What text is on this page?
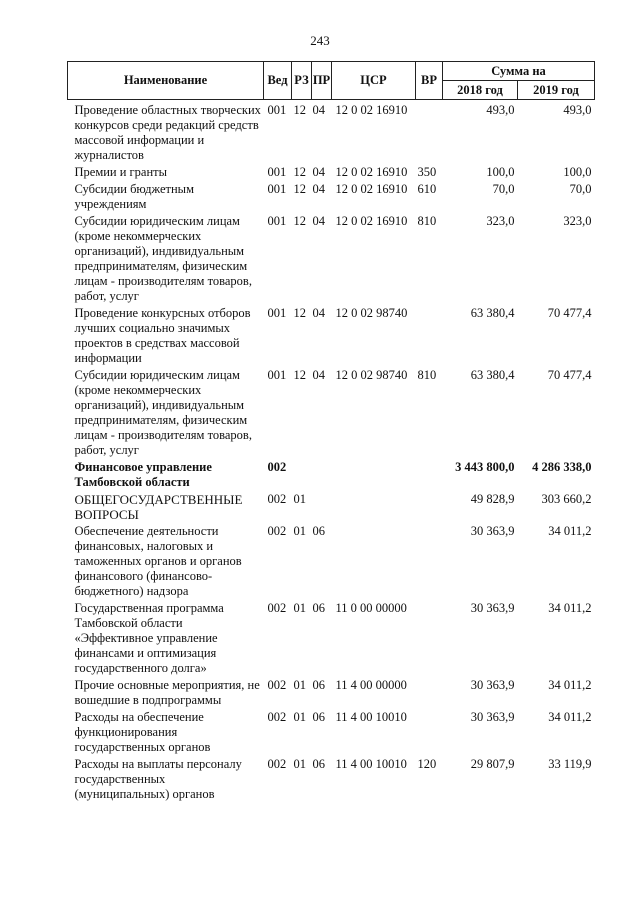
243
Наименование	Вед	РЗ	ПР	ЦСР	ВР	Сумма на	
						2018 год	2019 год
Проведение областных творческих конкурсов среди редакций средств массовой информации и журналистов	001	12	04	12 0 02 16910		493,0	493,0
Премии и гранты	001	12	04	12 0 02 16910	350	100,0	100,0
Субсидии бюджетным учреждениям	001	12	04	12 0 02 16910	610	70,0	70,0
Субсидии юридическим лицам (кроме некоммерческих организаций), индивидуальным предпринимателям, физическим лицам - производителям товаров, работ, услуг	001	12	04	12 0 02 16910	810	323,0	323,0
Проведение конкурсных отборов лучших социально значимых проектов в средствах массовой информации	001	12	04	12 0 02 98740		63 380,4	70 477,4
Субсидии юридическим лицам (кроме некоммерческих организаций), индивидуальным предпринимателям, физическим лицам - производителям товаров, работ, услуг	001	12	04	12 0 02 98740	810	63 380,4	70 477,4
Финансовое управление Тамбовской области	002					3 443 800,0	4 286 338,0
ОБЩЕГОСУДАРСТВЕННЫЕ ВОПРОСЫ	002	01				49 828,9	303 660,2
Обеспечение деятельности финансовых, налоговых и таможенных органов и органов финансового (финансово-бюджетного) надзора	002	01	06			30 363,9	34 011,2
Государственная программа Тамбовской области «Эффективное управление финансами и оптимизация государственного долга»	002	01	06	11 0 00 00000		30 363,9	34 011,2
Прочие основные мероприятия, не вошедшие в подпрограммы	002	01	06	11 4 00 00000		30 363,9	34 011,2
Расходы на обеспечение функционирования государственных органов	002	01	06	11 4 00 10010		30 363,9	34 011,2
Расходы на выплаты персоналу государственных (муниципальных) органов	002	01	06	11 4 00 10010	120	29 807,9	33 119,9
